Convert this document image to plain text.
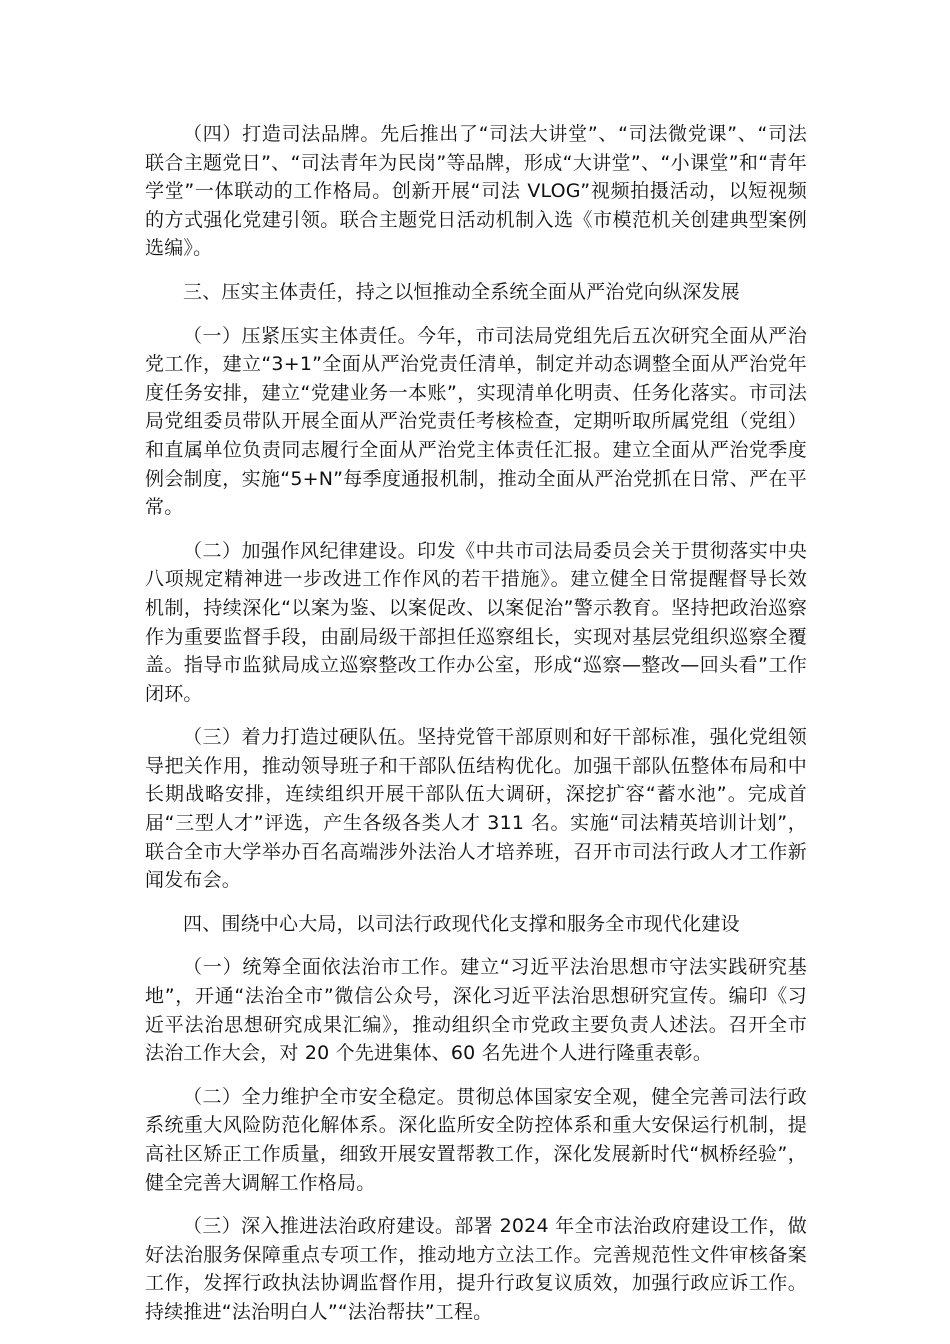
（四）打造司法品牌。先后推出了“司法大讲堂”、“司法微党课”、“司法联合主题党日”、“司法青年为民岗”等品牌，形成“大讲堂”、“小课堂”和“青年学堂”一体联动的工作格局。创新开展“司法 VLOG”视频拍摄活动，以短视频的方式强化党建引领。联合主题党日活动机制入选《市模范机关创建典型案例选编》。

三、压实主体责任，持之以恒推动全系统全面从严治党向纵深发展

（一）压紧压实主体责任。今年，市司法局党组先后五次研究全面从严治党工作，建立“3+1”全面从严治党责任清单，制定并动态调整全面从严治党年度任务安排，建立“党建业务一本账”，实现清单化明责、任务化落实。市司法局党组委员带队开展全面从严治党责任考核检查，定期听取所属党组（党组）和直属单位负责同志履行全面从严治党主体责任汇报。建立全面从严治党季度例会制度，实施“5+N”每季度通报机制，推动全面从严治党抓在日常、严在平常。

（二）加强作风纪律建设。印发《中共市司法局委员会关于贯彻落实中央八项规定精神进一步改进工作作风的若干措施》。建立健全日常提醒督导长效机制，持续深化“以案为鉴、以案促改、以案促治”警示教育。坚持把政治巡察作为重要监督手段，由副局级干部担任巡察组长，实现对基层党组织巡察全覆盖。指导市监狱局成立巡察整改工作办公室，形成“巡察—整改—回头看”工作闭环。

（三）着力打造过硬队伍。坚持党管干部原则和好干部标准，强化党组领导把关作用，推动领导班子和干部队伍结构优化。加强干部队伍整体布局和中长期战略安排，连续组织开展干部队伍大调研，深挖扩容“蓄水池”。完成首届“三型人才”评选，产生各级各类人才 311 名。实施“司法精英培训计划”，联合全市大学举办百名高端涉外法治人才培养班，召开市司法行政人才工作新闻发布会。

四、围绕中心大局，以司法行政现代化支撑和服务全市现代化建设

（一）统筹全面依法治市工作。建立“习近平法治思想市守法实践研究基地”，开通“法治全市”微信公众号，深化习近平法治思想研究宣传。编印《习近平法治思想研究成果汇编》，推动组织全市党政主要负责人述法。召开全市法治工作大会，对 20 个先进集体、60 名先进个人进行隆重表彰。

（二）全力维护全市安全稳定。贯彻总体国家安全观，健全完善司法行政系统重大风险防范化解体系。深化监所安全防控体系和重大安保运行机制，提高社区矫正工作质量，细致开展安置帮教工作，深化发展新时代“枫桥经验”，健全完善大调解工作格局。

（三）深入推进法治政府建设。部署 2024 年全市法治政府建设工作，做好法治服务保障重点专项工作，推动地方立法工作。完善规范性文件审核备案工作，发挥行政执法协调监督作用，提升行政复议质效，加强行政应诉工作。持续推进“法治明白人”“法治帮扶”工程。
